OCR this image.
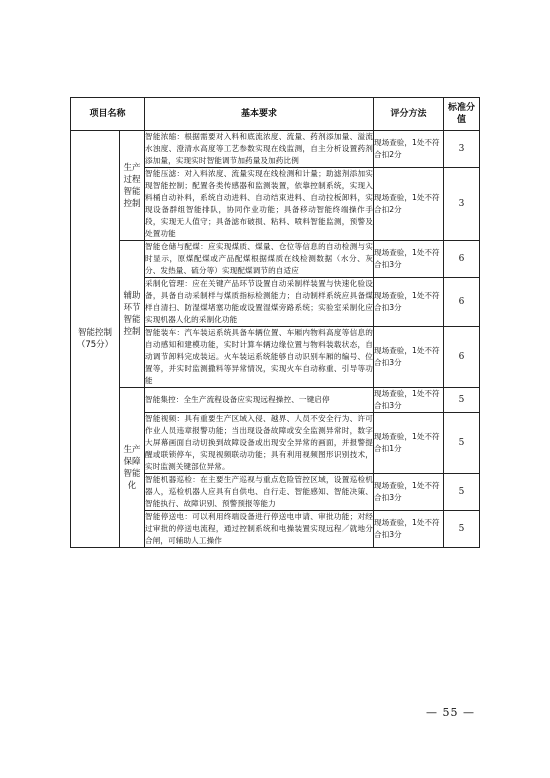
项目名称		基本要求	评分方法	标准分值
智能控制（75分）	生产过程智能控制	智能浓缩：根据需要对入料和底流浓度、流量、药剂添加量、溢流水浊度、澄清水高度等工艺参数实现在线监测，自主分析设置药剂添加量，实现实时智能调节加药量及加药比例	现场查验，1处不符合扣2分	3
		智能压滤：对入料浓度、流量实现在线检测和计量；助滤剂添加实现智能控制；配置各类传感器和监测装置，依靠控制系统，实现入料桶自动补料，系统自动进料、自动结束进料、自动拉板卸料，实现设备群组智能排队，协同作业功能；具备移动智能终端操作手段，实现无人值守；具备滤布破损、粘料、喷料智能监测，预警及处置功能	现场查验，1处不符合扣2分	3
	辅助环节智能控制	智能仓储与配煤：应实现煤质、煤量、仓位等信息的自动检测与实时显示，原煤配煤或产品配煤根据煤质在线检测数据（水分、灰分、发热量、硫分等）实现配煤调节的自适应	现场查验，1处不符合扣3分	6
		采制化管理：应在关键产品环节设置自动采制样装置与快速化验设备，具备自动采制样与煤质指标检测能力；自动制样系统应具备煤样自清扫、防湿煤堵塞功能或设置湿煤旁路系统；实验室采制化应实现机器人化的采制化功能	现场查验，1处不符合扣3分	6
		智能装车：汽车装运系统具备车辆位置、车厢内物料高度等信息的自动感知和建模功能，实时计算车辆边缘位置与物料装载状态，自动调节卸料完成装运。火车装运系统能够自动识别车厢的编号、位置等，并实时监测撒料等异常情况，实现火车自动称重、引导等功能	现场查验，1处不符合扣3分	6
	生产保障智能化	智能集控：全生产流程设备应实现远程操控、一键启停	现场查验，1处不符合扣3分	5
		智能视频：具有重要生产区域入侵、越界、人员不安全行为、许可作业人员违章报警功能；当出现设备故障或安全监测异常时，数字大屏幕画面自动切换到故障设备或出现安全异常的画面，并报警提醒或联锁停车，实现视频联动功能；具有利用视频图形识别技术，实时监测关键部位异常。	现场查验，1处不符合扣1分	5
		智能机器巡检：在主要生产巡视与重点危险管控区域，设置巡检机器人，巡检机器人应具有自供电、自行走、智能感知、智能决策、智能执行、故障识别、预警预报等能力	现场查验，1处不符合扣3分	5
		智能停送电：可以利用终端设备进行停送电申请、审批功能；对经过审批的停送电流程，通过控制系统和电操装置实现远程／就地分合闸，可辅助人工操作	现场查验，1处不符合扣3分	5
— 55 —
